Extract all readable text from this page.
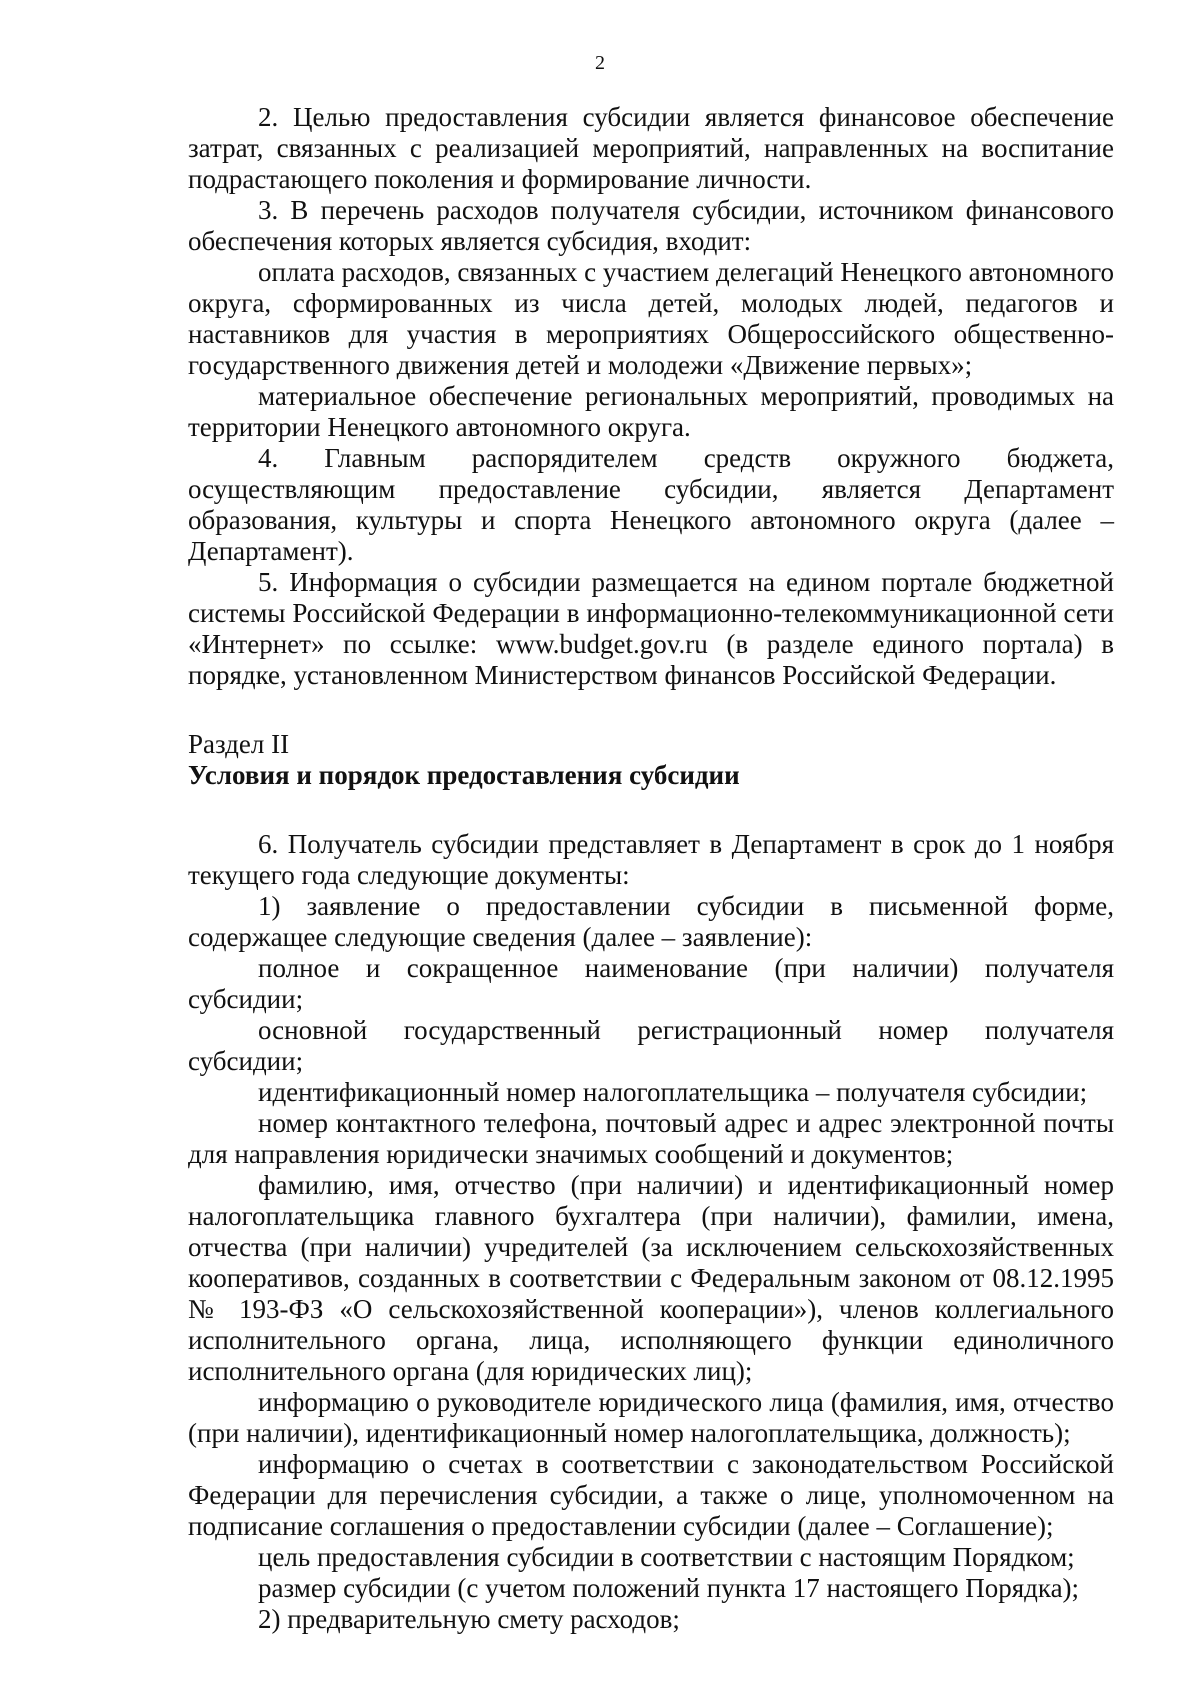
2

2. Целью предоставления субсидии является финансовое обеспечение затрат, связанных с реализацией мероприятий, направленных на воспитание подрастающего поколения и формирование личности.

3. В перечень расходов получателя субсидии, источником финансового обеспечения которых является субсидия, входит:

оплата расходов, связанных с участием делегаций Ненецкого автономного округа, сформированных из числа детей, молодых людей, педагогов и наставников для участия в мероприятиях Общероссийского общественно-государственного движения детей и молодежи «Движение первых»;

материальное обеспечение региональных мероприятий, проводимых на территории Ненецкого автономного округа.

4. Главным распорядителем средств окружного бюджета, осуществляющим предоставление субсидии, является Департамент образования, культуры и спорта Ненецкого автономного округа (далее – Департамент).

5. Информация о субсидии размещается на едином портале бюджетной системы Российской Федерации в информационно-телекоммуникационной сети «Интернет» по ссылке: www.budget.gov.ru (в разделе единого портала) в порядке, установленном Министерством финансов Российской Федерации.

Раздел II

Условия и порядок предоставления субсидии

6. Получатель субсидии представляет в Департамент в срок до 1 ноября текущего года следующие документы:

1) заявление о предоставлении субсидии в письменной форме, содержащее следующие сведения (далее – заявление):

полное и сокращенное наименование (при наличии) получателя субсидии;

основной государственный регистрационный номер получателя субсидии;

идентификационный номер налогоплательщика – получателя субсидии;

номер контактного телефона, почтовый адрес и адрес электронной почты для направления юридически значимых сообщений и документов;

фамилию, имя, отчество (при наличии) и идентификационный номер налогоплательщика главного бухгалтера (при наличии), фамилии, имена, отчества (при наличии) учредителей (за исключением сельскохозяйственных кооперативов, созданных в соответствии с Федеральным законом от 08.12.1995 № 193-ФЗ «О сельскохозяйственной кооперации»), членов коллегиального исполнительного органа, лица, исполняющего функции единоличного исполнительного органа (для юридических лиц);

информацию о руководителе юридического лица (фамилия, имя, отчество (при наличии), идентификационный номер налогоплательщика, должность);

информацию о счетах в соответствии с законодательством Российской Федерации для перечисления субсидии, а также о лице, уполномоченном на подписание соглашения о предоставлении субсидии (далее – Соглашение);

цель предоставления субсидии в соответствии с настоящим Порядком;

размер субсидии (с учетом положений пункта 17 настоящего Порядка);

2) предварительную смету расходов;
